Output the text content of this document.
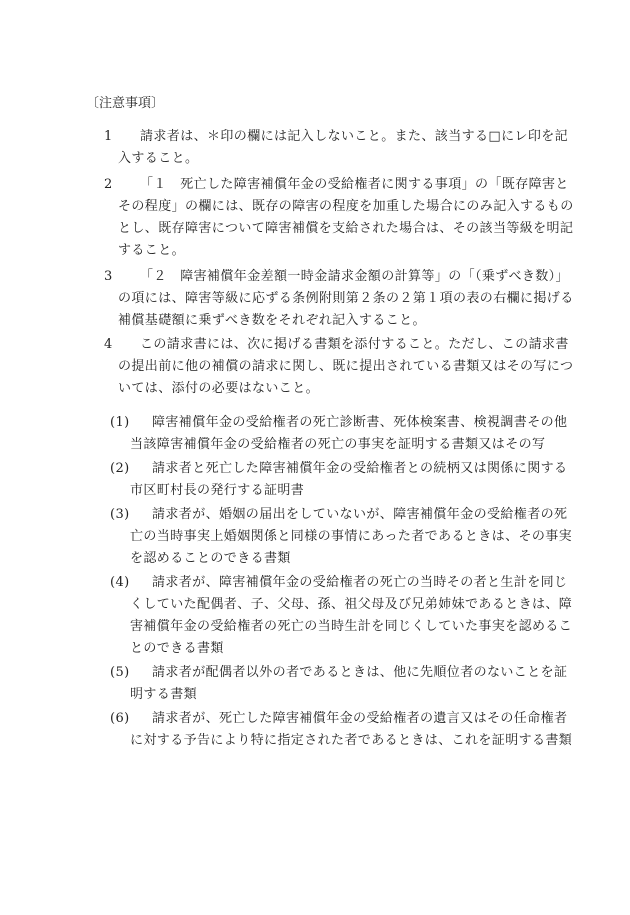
〔注意事項〕
1	請求者は、＊印の欄には記入しないこと。また、該当する□にレ印を記入すること。
2	「１　死亡した障害補償年金の受給権者に関する事項」の「既存障害とその程度」の欄には、既存の障害の程度を加重した場合にのみ記入するものとし、既存障害について障害補償を支給された場合は、その該当等級を明記すること。
3	「２　障害補償年金差額一時金請求金額の計算等」の「（乗ずべき数）」の項には、障害等級に応ずる条例附則第２条の２第１項の表の右欄に掲げる補償基礎額に乗ずべき数をそれぞれ記入すること。
4	この請求書には、次に掲げる書類を添付すること。ただし、この請求書の提出前に他の補償の請求に関し、既に提出されている書類又はその写については、添付の必要はないこと。
(1)	障害補償年金の受給権者の死亡診断書、死体検案書、検視調書その他当該障害補償年金の受給権者の死亡の事実を証明する書類又はその写
(2)	請求者と死亡した障害補償年金の受給権者との続柄又は関係に関する市区町村長の発行する証明書
(3)	請求者が、婚姻の届出をしていないが、障害補償年金の受給権者の死亡の当時事実上婚姻関係と同様の事情にあった者であるときは、その事実を認めることのできる書類
(4)	請求者が、障害補償年金の受給権者の死亡の当時その者と生計を同じくしていた配偶者、子、父母、孫、祖父母及び兄弟姉妹であるときは、障害補償年金の受給権者の死亡の当時生計を同じくしていた事実を認めることのできる書類
(5)	請求者が配偶者以外の者であるときは、他に先順位者のないことを証明する書類
(6)	請求者が、死亡した障害補償年金の受給権者の遺言又はその任命権者に対する予告により特に指定された者であるときは、これを証明する書類
